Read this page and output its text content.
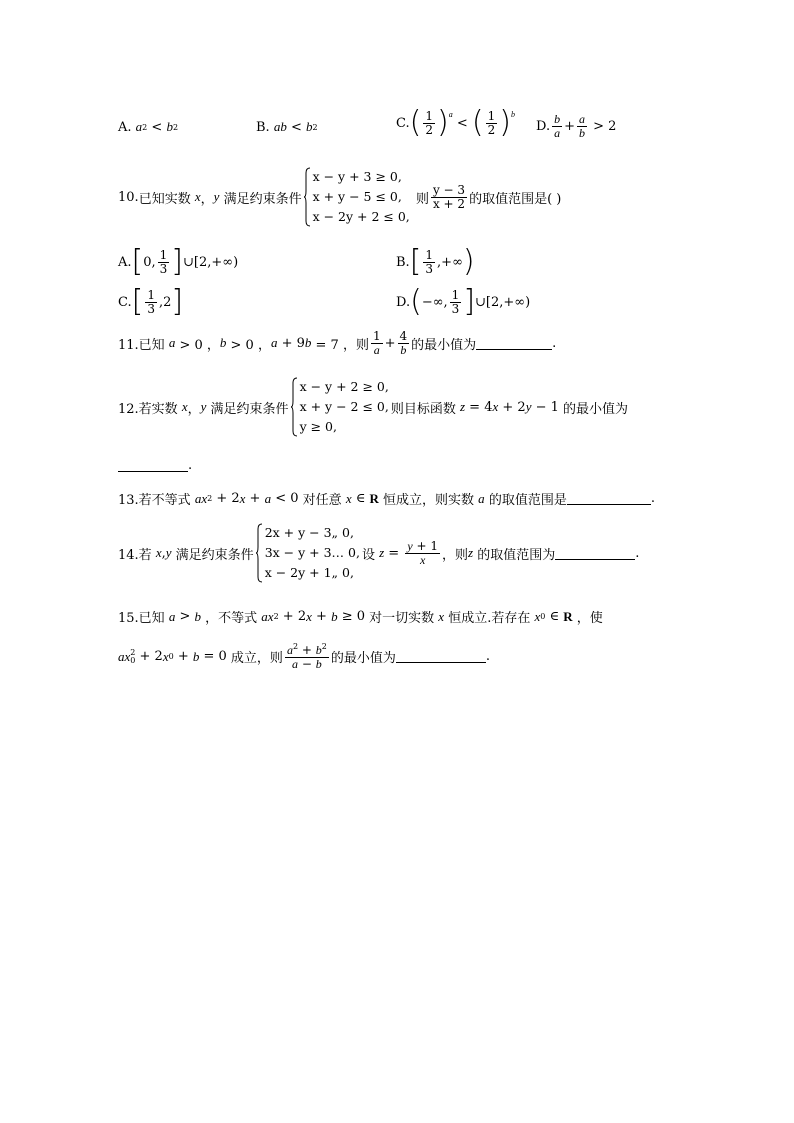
A.
a 2 < b 2	B.
ab < b 2	C. ( $\frac{1}{2}$ ) $^a$
< ( $\frac{1}{2}$ ) $^b$
D. $\frac{b}{a} + \frac{a}{b} > 2$
10. 已知实数
x ， y
满足约束条件
x − y + 3 ≥ 0,
x + y − 5 ≤ 0,
x − 2y + 2 ≤ 0,

则 $\frac{y - 3}{x + 2}$ 的取值范围是( )
A. [ 0, $\frac{1}{3}$ ] ∪[2,+∞)	B. [ $\frac{1}{3}$ ,+∞ )
C. [ $\frac{1}{3} ,2$ ]	D. ( −∞, $\frac{1}{3}$ ] ∪[2,+∞)
11.已知
a > 0 ， b > 0 ， a + 9 b = 7 ，则 $\frac{1}{a} + \frac{4}{b}$ 的最小值为	.
12.若实数
x ， y
满足约束条件
x − y + 2 ≥ 0,
x + y − 2 ≤ 0,
y ≥ 0,
则目标函数
z = 4 x + 2 y − 1 的最小值为
.
13.若不等式
ax 2 + 2 x + a < 0 对任意
x ∈ R
恒成立，则实数
a
的取值范围是	.
14.若
x , y
满足约束条件
2x + y − 3„ 0,
3x − y + 3… 0,
x − 2y + 1„ 0,
设
$z = \frac{y + 1}{x}$ ，则 z
的取值范围为	.
15.已知
a > b
，不等式
ax 2 + 2 x + b ≥ 0 对一切实数
x
恒成立.若存在
x 0 ∈ R
，使
ax 2
0 + 2 x 0 + b = 0 成立，则 $\frac{a^2 + b^2}{a - b}$ 的最小值为	.
